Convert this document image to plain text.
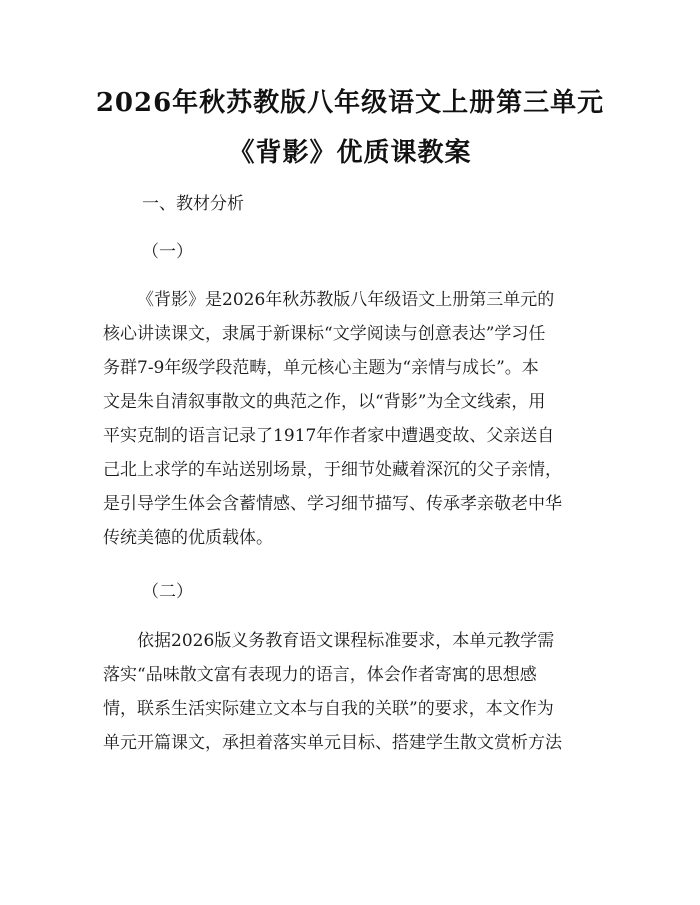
2026年秋苏教版八年级语文上册第三单元
《背影》优质课教案
一、教材分析
（一）

《背影》是2026年秋苏教版八年级语文上册第三单元的

核心讲读课文，隶属于新课标“文学阅读与创意表达”学习任

务群7-9年级学段范畴，单元核心主题为“亲情与成长”。本

文是朱自清叙事散文的典范之作，以“背影”为全文线索，用

平实克制的语言记录了1917年作者家中遭遇变故、父亲送自

己北上求学的车站送别场景，于细节处藏着深沉的父子亲情，

是引导学生体会含蓄情感、学习细节描写、传承孝亲敬老中华

传统美德的优质载体。

（二）

依据2026版义务教育语文课程标准要求，本单元教学需

落实“品味散文富有表现力的语言，体会作者寄寓的思想感

情，联系生活实际建立文本与自我的关联”的要求，本文作为

单元开篇课文，承担着落实单元目标、搭建学生散文赏析方法
